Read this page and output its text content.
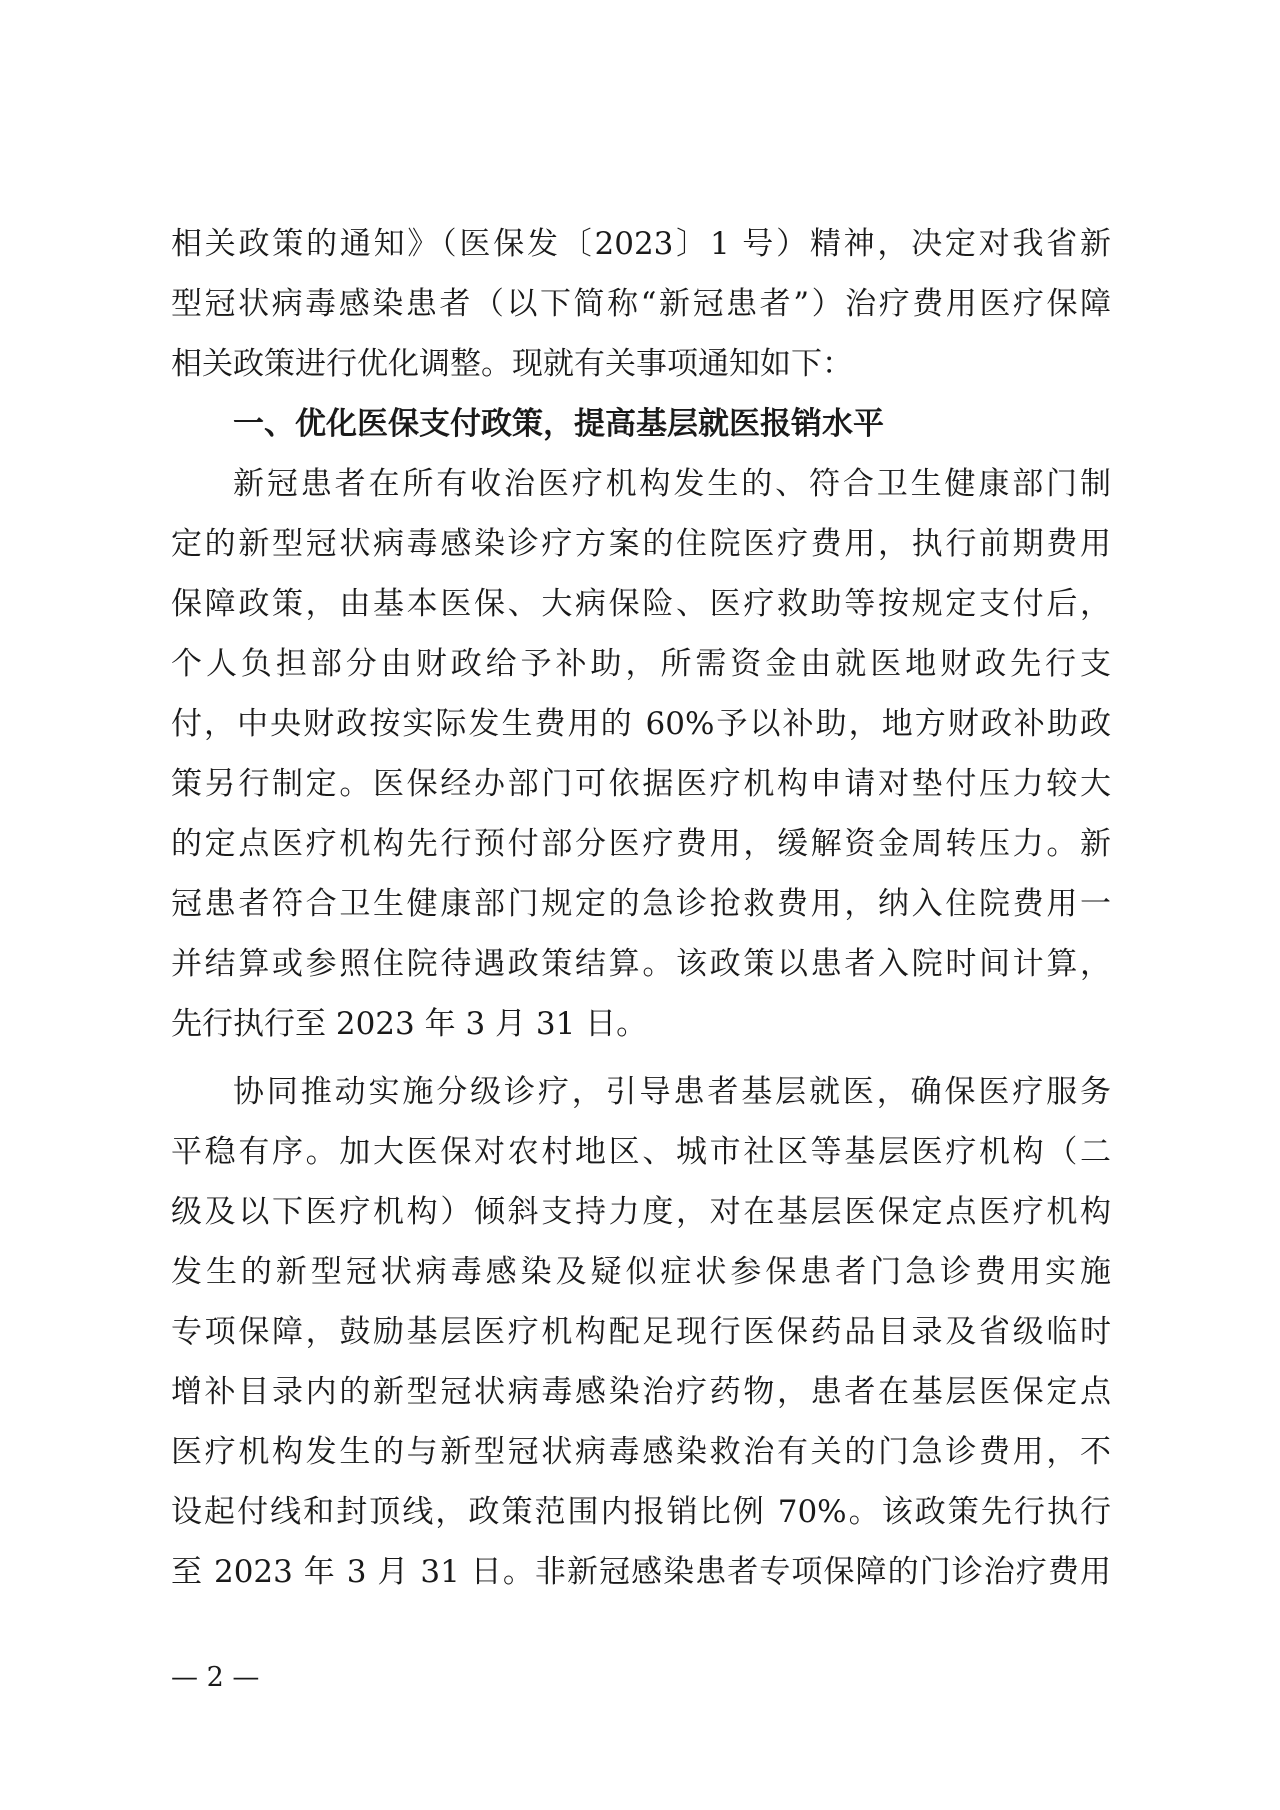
相关政策的通知》（医保发〔2023〕1 号）精神，决定对我省新
型冠状病毒感染患者（以下简称“新冠患者”）治疗费用医疗保障
相关政策进行优化调整。现就有关事项通知如下：
一、优化医保支付政策，提高基层就医报销水平
新冠患者在所有收治医疗机构发生的、符合卫生健康部门制
定的新型冠状病毒感染诊疗方案的住院医疗费用，执行前期费用
保障政策，由基本医保、大病保险、医疗救助等按规定支付后，
个人负担部分由财政给予补助，所需资金由就医地财政先行支
付，中央财政按实际发生费用的 60%予以补助，地方财政补助政
策另行制定。医保经办部门可依据医疗机构申请对垫付压力较大
的定点医疗机构先行预付部分医疗费用，缓解资金周转压力。新
冠患者符合卫生健康部门规定的急诊抢救费用，纳入住院费用一
并结算或参照住院待遇政策结算。该政策以患者入院时间计算，
先行执行至 2023 年 3 月 31 日。
协同推动实施分级诊疗，引导患者基层就医，确保医疗服务
平稳有序。加大医保对农村地区、城市社区等基层医疗机构（二
级及以下医疗机构）倾斜支持力度，对在基层医保定点医疗机构
发生的新型冠状病毒感染及疑似症状参保患者门急诊费用实施
专项保障，鼓励基层医疗机构配足现行医保药品目录及省级临时
增补目录内的新型冠状病毒感染治疗药物，患者在基层医保定点
医疗机构发生的与新型冠状病毒感染救治有关的门急诊费用，不
设起付线和封顶线，政策范围内报销比例 70%。该政策先行执行
至 2023 年 3 月 31 日。非新冠感染患者专项保障的门诊治疗费用
— 2 —
